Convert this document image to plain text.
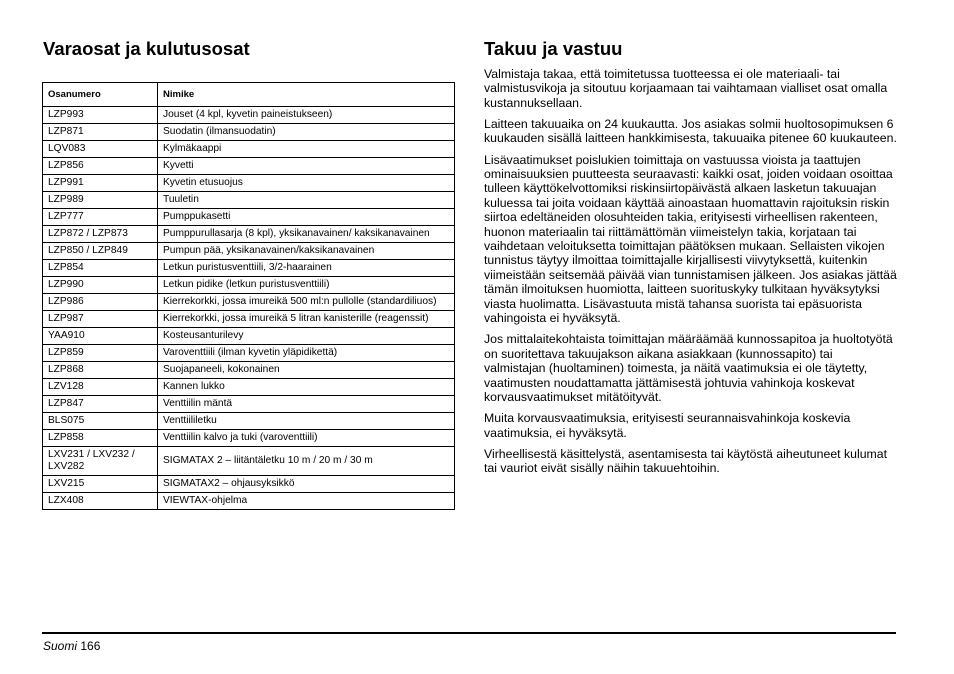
Varaosat ja kulutusosat
Osanumero	Nimike
LZP993	Jouset (4 kpl, kyvetin paineistukseen)
LZP871	Suodatin (ilmansuodatin)
LQV083	Kylmäkaappi
LZP856	Kyvetti
LZP991	Kyvetin etusuojus
LZP989	Tuuletin
LZP777	Pumppukasetti
LZP872 / LZP873	Pumppurullasarja (8 kpl), yksikanavainen/ kaksikanavainen
LZP850 / LZP849	Pumpun pää, yksikanavainen/kaksikanavainen
LZP854	Letkun puristusventtiili, 3/2-haarainen
LZP990	Letkun pidike (letkun puristusventtiili)
LZP986	Kierrekorkki, jossa imureikä 500 ml:n pullolle (standardiliuos)
LZP987	Kierrekorkki, jossa imureikä 5 litran kanisterille (reagenssit)
YAA910	Kosteusanturilevy
LZP859	Varoventtiili (ilman kyvetin yläpidikettä)
LZP868	Suojapaneeli, kokonainen
LZV128	Kannen lukko
LZP847	Venttiilin mäntä
BLS075	Venttiililetku
LZP858	Venttiilin kalvo ja tuki (varoventtiili)
LXV231 / LXV232 / LXV282	SIGMATAX 2 – liitäntäletku 10 m / 20 m / 30 m
LXV215	SIGMATAX2 – ohjausyksikkö
LZX408	VIEWTAX-ohjelma
Takuu ja vastuu

Valmistaja takaa, että toimitetussa tuotteessa ei ole materiaali- tai valmistusvikoja ja sitoutuu korjaamaan tai vaihtamaan vialliset osat omalla kustannuksellaan.

Laitteen takuuaika on 24 kuukautta. Jos asiakas solmii huoltosopimuksen 6 kuukauden sisällä laitteen hankkimisesta, takuuaika pitenee 60 kuukauteen.

Lisävaatimukset poislukien toimittaja on vastuussa vioista ja taattujen ominaisuuksien puutteesta seuraavasti: kaikki osat, joiden voidaan osoittaa tulleen käyttökelvottomiksi riskinsiirtopäivästä alkaen lasketun takuuajan kuluessa tai joita voidaan käyttää ainoastaan huomattavin rajoituksin riskin siirtoa edeltäneiden olosuhteiden takia, erityisesti virheellisen rakenteen, huonon materiaalin tai riittämättömän viimeistelyn takia, korjataan tai vaihdetaan veloituksetta toimittajan päätöksen mukaan. Sellaisten vikojen tunnistus täytyy ilmoittaa toimittajalle kirjallisesti viivytyksettä, kuitenkin viimeistään seitsemää päivää vian tunnistamisen jälkeen. Jos asiakas jättää tämän ilmoituksen huomiotta, laitteen suorituskyky tulkitaan hyväksytyksi viasta huolimatta. Lisävastuuta mistä tahansa suorista tai epäsuorista vahingoista ei hyväksytä.

Jos mittalaitekohtaista toimittajan määräämää kunnossapitoa ja huoltotyötä on suoritettava takuujakson aikana asiakkaan (kunnossapito) tai valmistajan (huoltaminen) toimesta, ja näitä vaatimuksia ei ole täytetty, vaatimusten noudattamatta jättämisestä johtuvia vahinkoja koskevat korvausvaatimukset mitätöityvät.

Muita korvausvaatimuksia, erityisesti seurannaisvahinkoja koskevia vaatimuksia, ei hyväksytä.

Virheellisestä käsittelystä, asentamisesta tai käytöstä aiheutuneet kulumat tai vauriot eivät sisälly näihin takuuehtoihin.

Suomi 166
